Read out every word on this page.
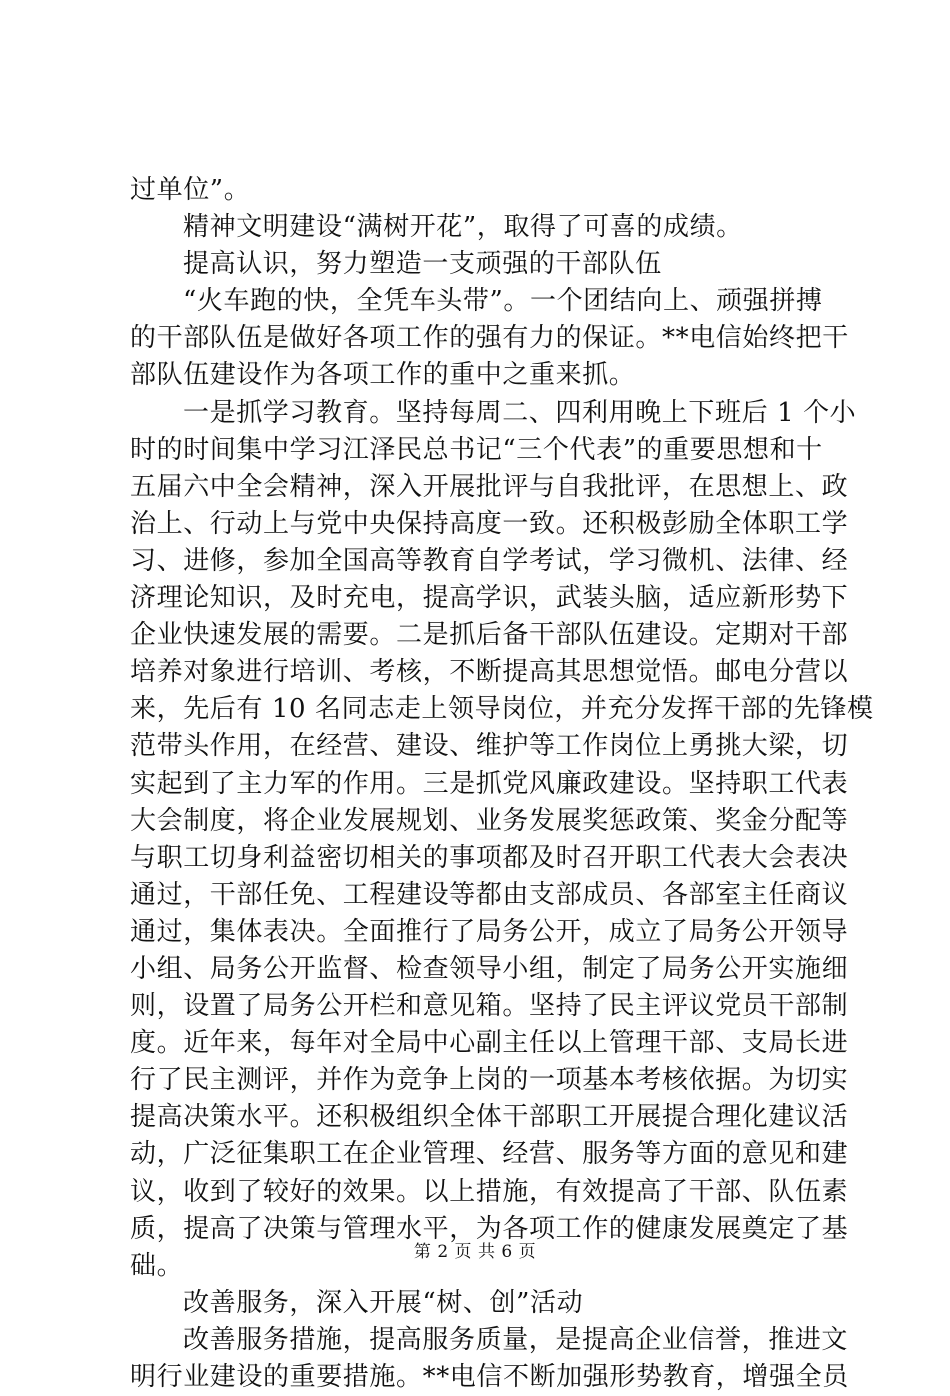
过单位”。
精神文明建设“满树开花”，取得了可喜的成绩。
提高认识，努力塑造一支顽强的干部队伍
“火车跑的快，全凭车头带”。一个团结向上、顽强拼搏
的干部队伍是做好各项工作的强有力的保证。**电信始终把干
部队伍建设作为各项工作的重中之重来抓。
一是抓学习教育。坚持每周二、四利用晚上下班后 1 个小
时的时间集中学习江泽民总书记“三个代表”的重要思想和十
五届六中全会精神，深入开展批评与自我批评，在思想上、政
治上、行动上与党中央保持高度一致。还积极彭励全体职工学
习、进修，参加全国高等教育自学考试，学习微机、法律、经
济理论知识，及时充电，提高学识，武装头脑，适应新形势下
企业快速发展的需要。二是抓后备干部队伍建设。定期对干部
培养对象进行培训、考核，不断提高其思想觉悟。邮电分营以
来，先后有 10 名同志走上领导岗位，并充分发挥干部的先锋模
范带头作用，在经营、建设、维护等工作岗位上勇挑大梁，切
实起到了主力军的作用。三是抓党风廉政建设。坚持职工代表
大会制度，将企业发展规划、业务发展奖惩政策、奖金分配等
与职工切身利益密切相关的事项都及时召开职工代表大会表决
通过，干部任免、工程建设等都由支部成员、各部室主任商议
通过，集体表决。全面推行了局务公开，成立了局务公开领导
小组、局务公开监督、检查领导小组，制定了局务公开实施细
则，设置了局务公开栏和意见箱。坚持了民主评议党员干部制
度。近年来，每年对全局中心副主任以上管理干部、支局长进
行了民主测评，并作为竞争上岗的一项基本考核依据。为切实
提高决策水平。还积极组织全体干部职工开展提合理化建议活
动，广泛征集职工在企业管理、经营、服务等方面的意见和建
议，收到了较好的效果。以上措施，有效提高了干部、队伍素
质，提高了决策与管理水平，为各项工作的健康发展奠定了基
础。
改善服务，深入开展“树、创”活动
改善服务措施，提高服务质量，是提高企业信誉，推进文
明行业建设的重要措施。**电信不断加强形势教育，增强全员
第 2 页 共 6 页
